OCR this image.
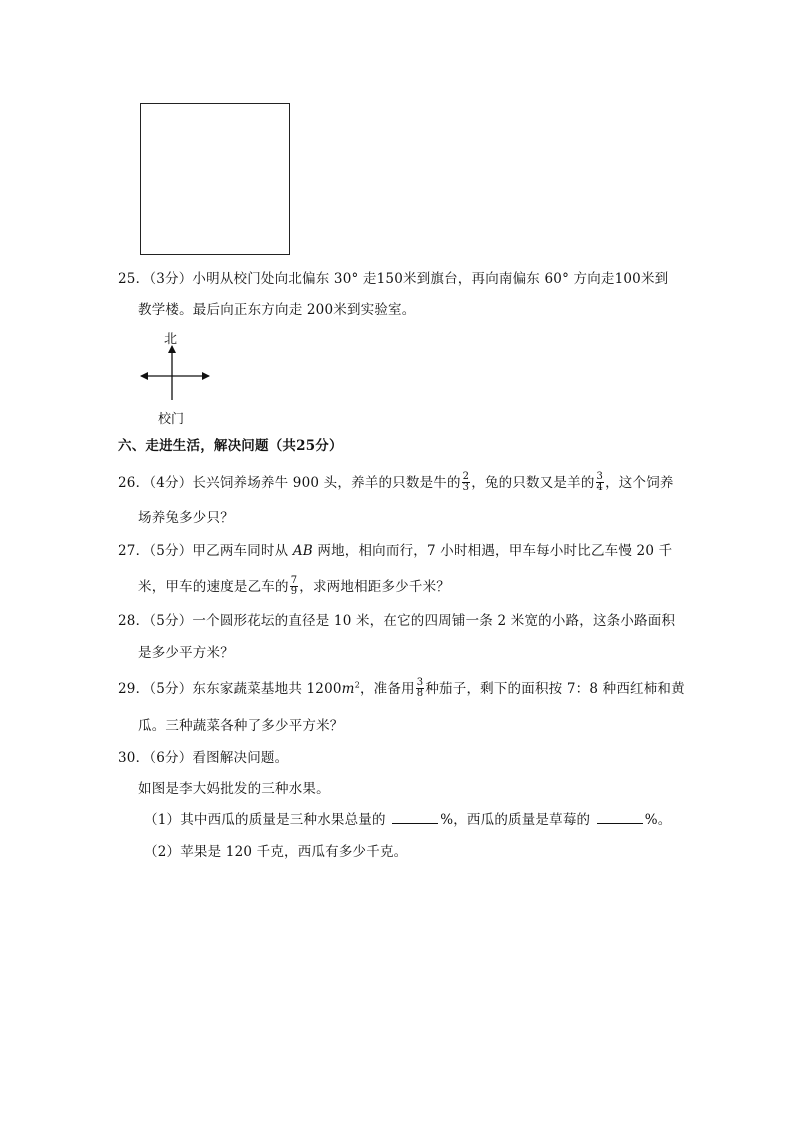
25．（3分）小明从校门处向北偏东 30° 走150米到旗台，再向南偏东 60° 方向走100米到
教学楼。最后向正东方向走 200米到实验室。
北
校门
六、走进生活，解决问题（共25分）
26．（4分）长兴饲养场养牛 900 头，养羊的只数是牛的 $\frac{2}{3}$ ，兔的只数又是羊的 $\frac{3}{4}$ ，这个饲养
场养兔多少只？
27．（5分）甲乙两车同时从 AB 两地，相向而行，7 小时相遇，甲车每小时比乙车慢 20 千
米，甲车的速度是乙车的 $\frac{7}{9}$ ，求两地相距多少千米？
28．（5分）一个圆形花坛的直径是 10 米，在它的四周铺一条 2 米宽的小路，这条小路面积
是多少平方米？
29．（5分）东东家蔬菜基地共 $1200m^2$，准备用 $\frac{3}{8}$ 种茄子，剩下的面积按 7：8 种西红柿和黄
瓜。三种蔬菜各种了多少平方米？
30．（6分）看图解决问题。
如图是李大妈批发的三种水果。
（1）其中西瓜的质量是三种水果总量的	%，西瓜的质量是草莓的	%。
（2）苹果是 120 千克，西瓜有多少千克。
